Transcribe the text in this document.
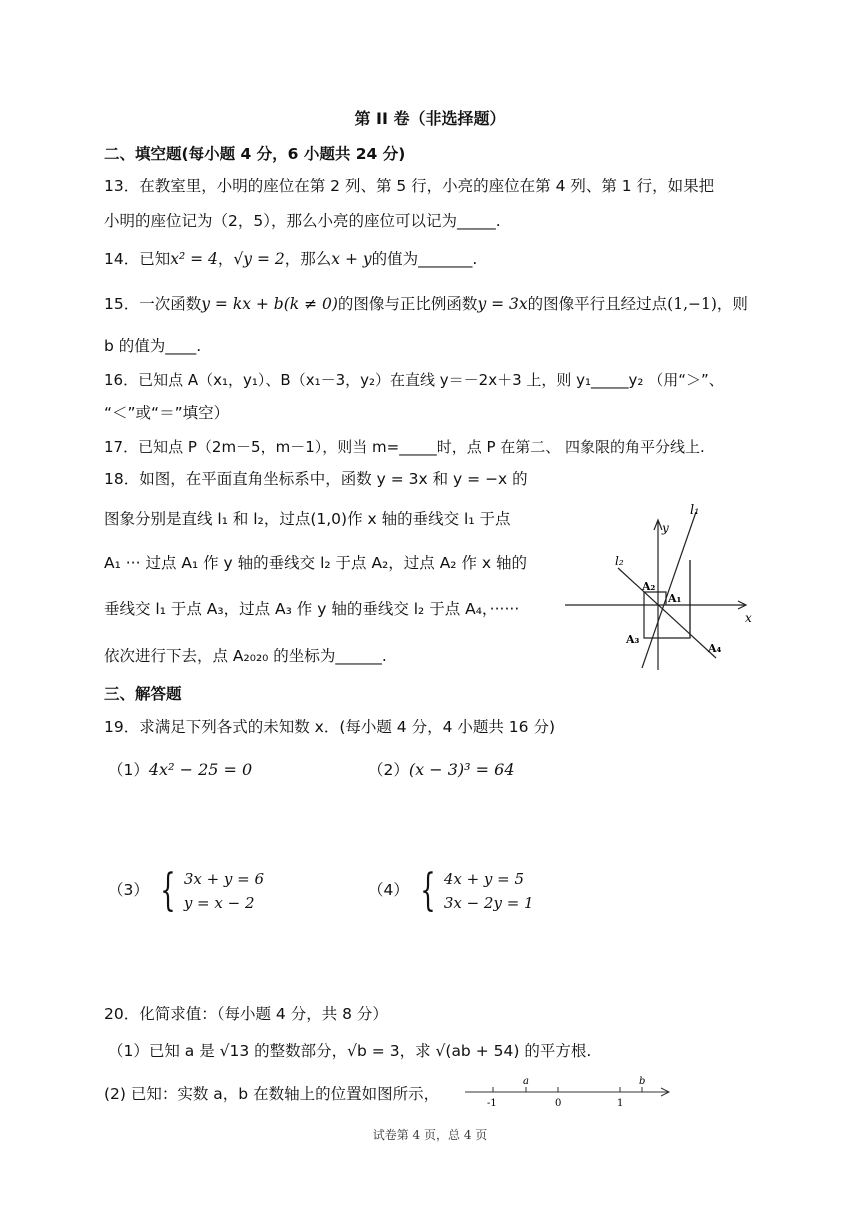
第 II 卷（非选择题）
二、填空题(每小题 4 分，6 小题共 24 分)
13．在教室里，小明的座位在第 2 列、第 5 行，小亮的座位在第 4 列、第 1 行，如果把
小明的座位记为（2，5），那么小亮的座位可以记为_____.
14．已知x² = 4，√y = 2，那么x + y的值为_______.
15．一次函数y = kx + b(k ≠ 0)的图像与正比例函数y = 3x的图像平行且经过点(1,−1)，则
b 的值为____.
16．已知点 A（x₁，y₁）、B（x₁－3，y₂）在直线 y＝－2x＋3 上，则 y₁_____y₂ （用“＞”、
“＜”或“＝”填空）
17．已知点 P（2m－5，m－1），则当 m=_____时，点 P 在第二、 四象限的角平分线上.
18．如图，在平面直角坐标系中，函数 y = 3x 和 y = −x 的
图象分别是直线 l₁ 和 l₂，过点(1,0)作 x 轴的垂线交 l₁ 于点
A₁ ··· 过点 A₁ 作 y 轴的垂线交 l₂ 于点 A₂，过点 A₂ 作 x 轴的
垂线交 l₁ 于点 A₃，过点 A₃ 作 y 轴的垂线交 l₂ 于点 A₄，······
依次进行下去，点 A₂₀₂₀ 的坐标为______.
l₁
l₂
y
x
A₁
A₂
A₃
A₄
三、解答题
19．求满足下列各式的未知数 x．(每小题 4 分，4 小题共 16 分)
（1）4x² − 25 = 0	（2）(x − 3)³ = 64
（3） { 3x + y = 6
y = x − 2
（4） { 4x + y = 5
3x − 2y = 1
20．化简求值：（每小题 4 分，共 8 分）
（1）已知 a 是 √13 的整数部分，√b = 3，求 √(ab + 54) 的平方根.
(2) 已知：实数 a，b 在数轴上的位置如图所示，
a	b
-1	0	1
试卷第 4 页，总 4 页
